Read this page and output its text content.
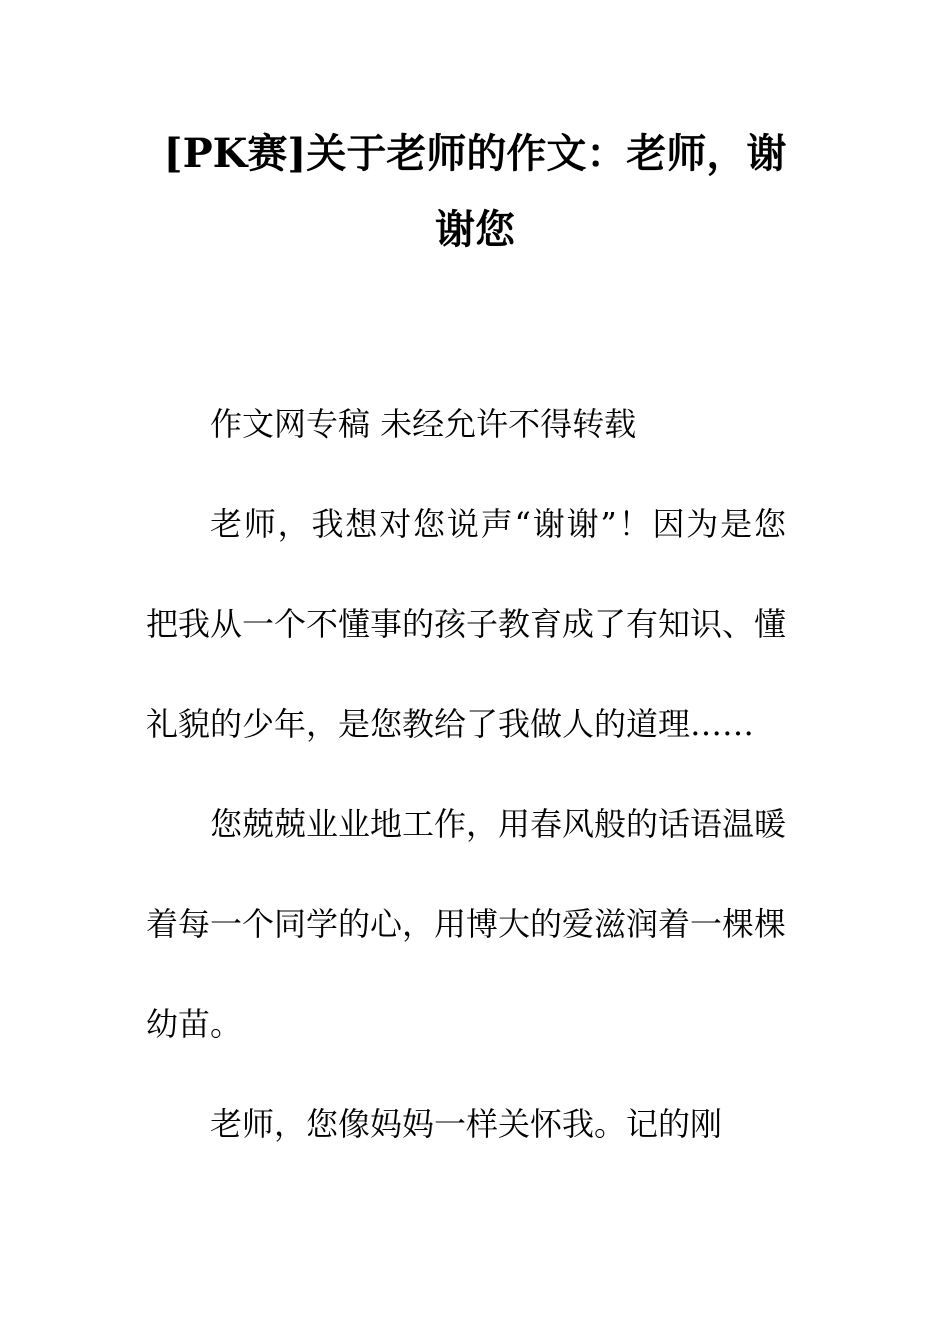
[PK赛]关于老师的作文：老师，谢谢您

作文网专稿 未经允许不得转载

老师，我想对您说声“谢谢”！因为是您把我从一个不懂事的孩子教育成了有知识、懂礼貌的少年，是您教给了我做人的道理……

您兢兢业业地工作，用春风般的话语温暖着每一个同学的心，用博大的爱滋润着一棵棵幼苗。

老师，您像妈妈一样关怀我。记的刚
